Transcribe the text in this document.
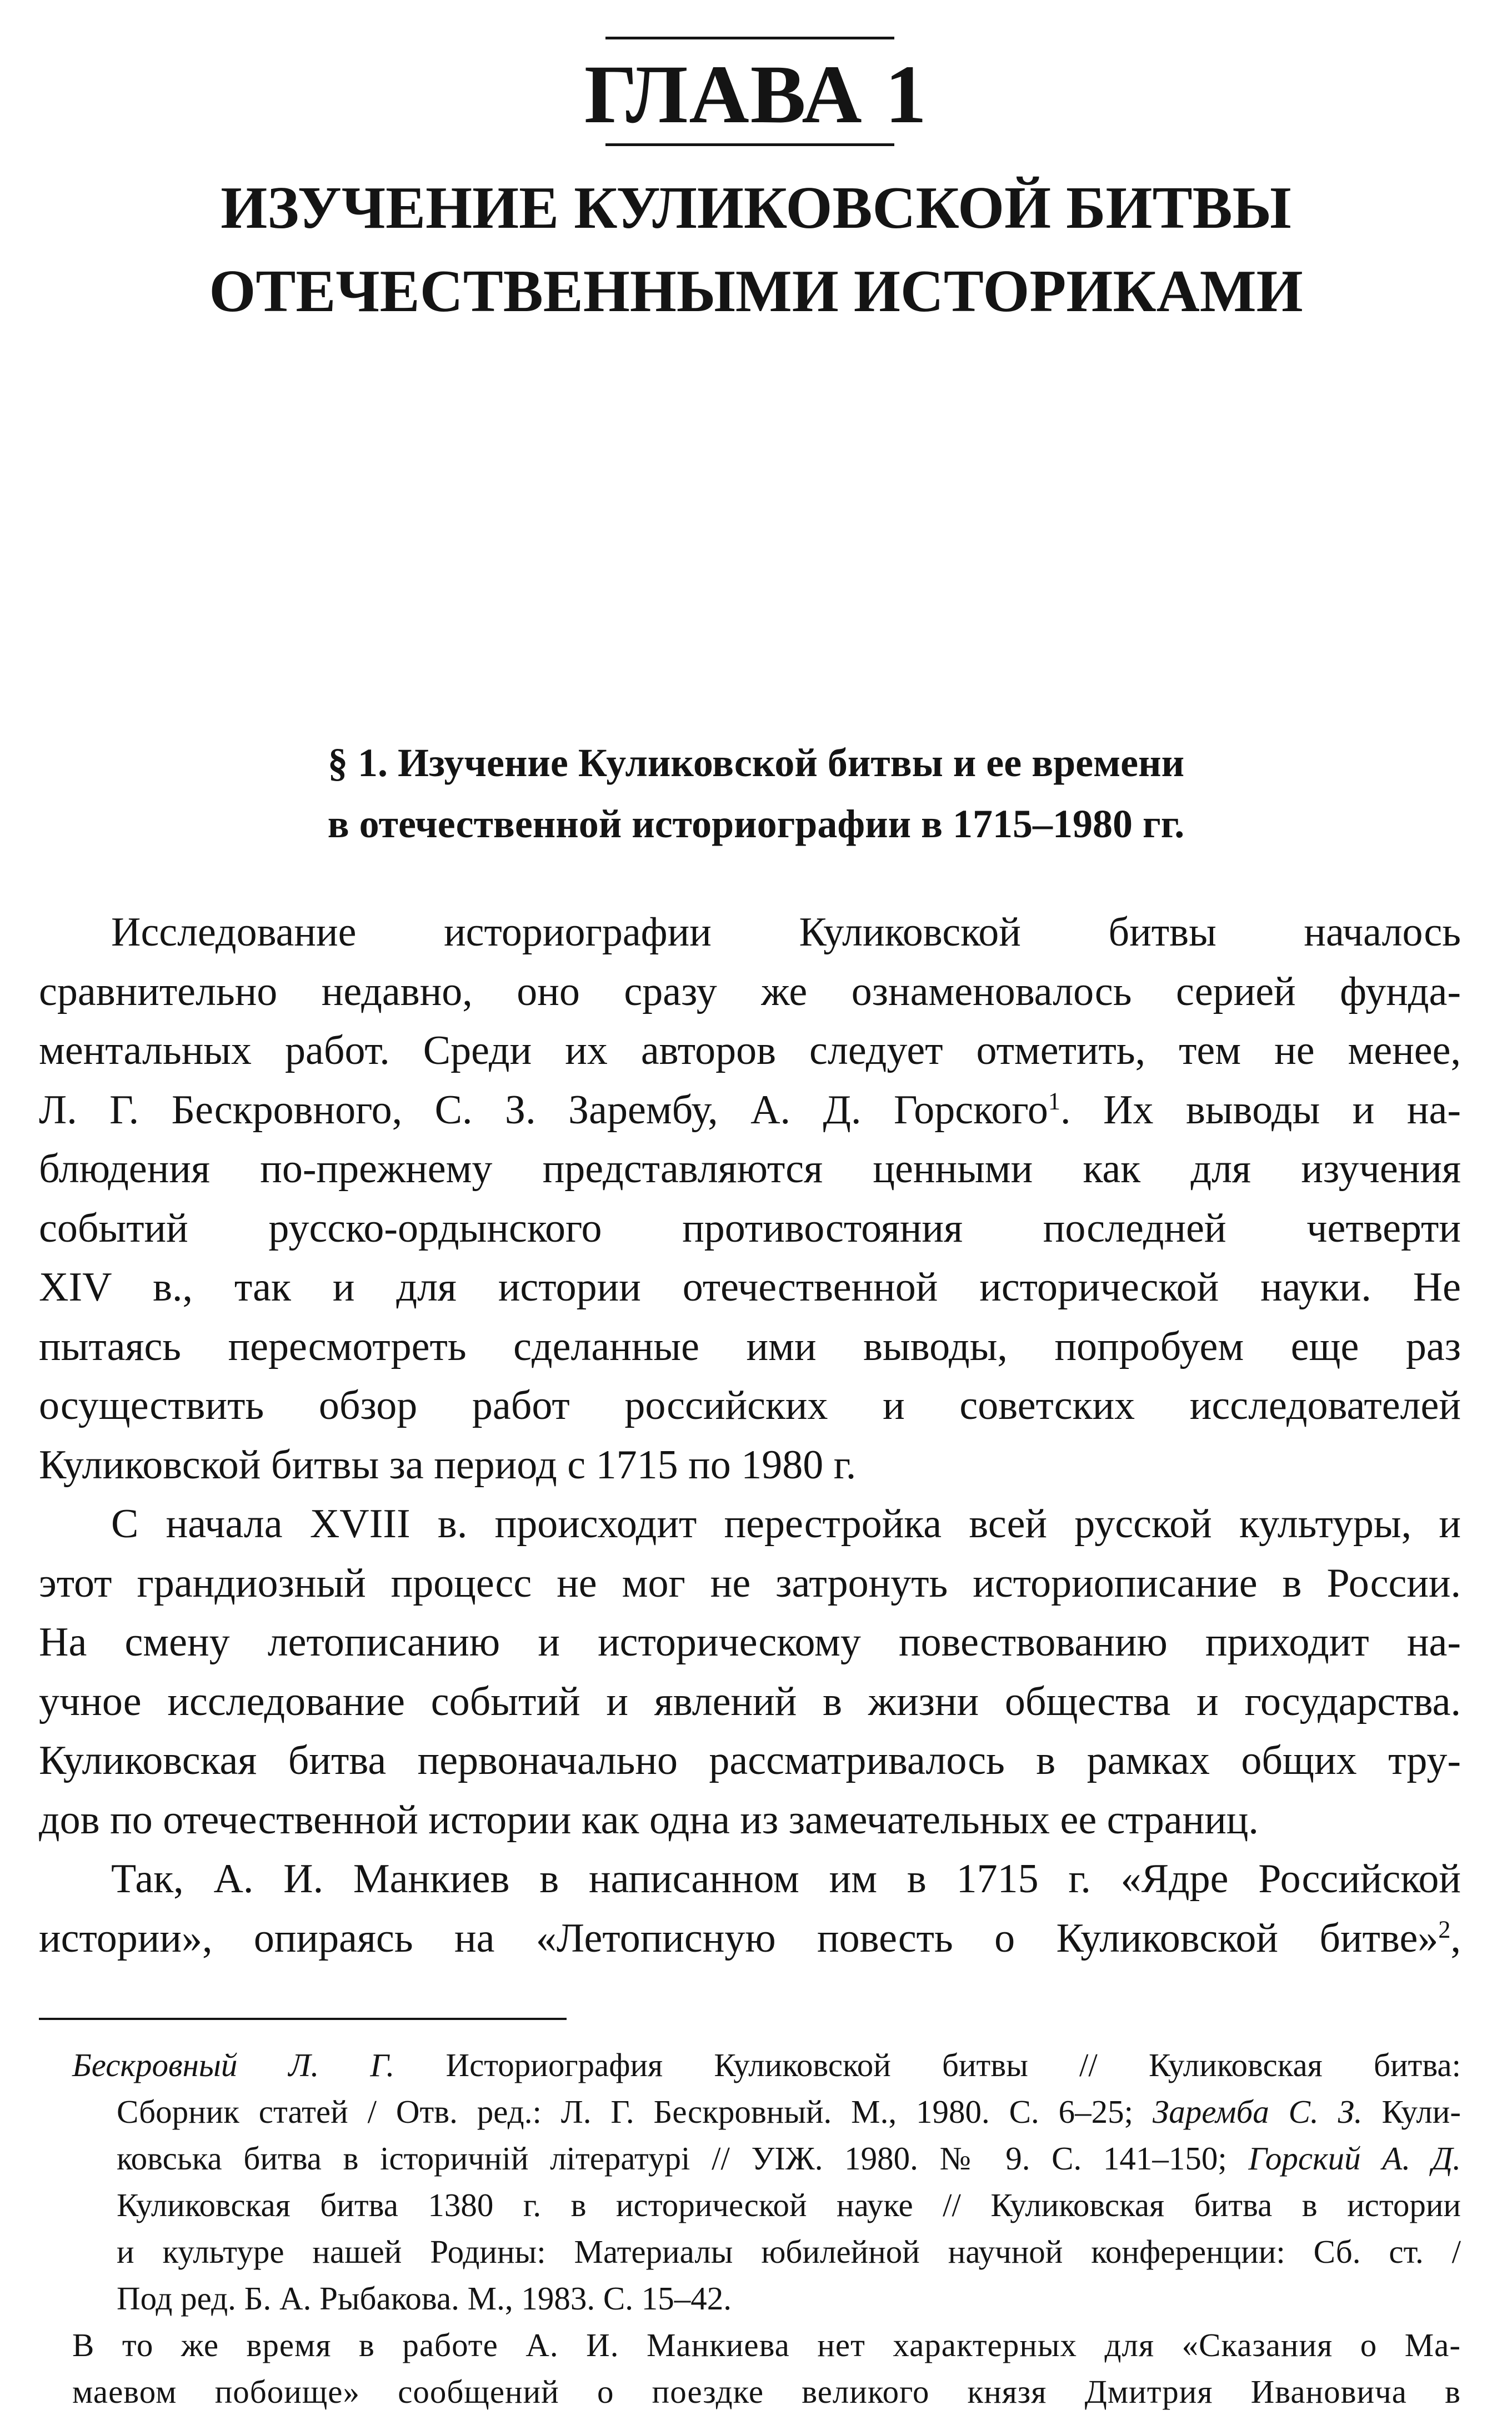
ГЛАВА 1
ИЗУЧЕНИЕ КУЛИКОВСКОЙ БИТВЫ
ОТЕЧЕСТВЕННЫМИ ИСТОРИКАМИ
§ 1. Изучение Куликовской битвы и ее времени
в отечественной историографии в 1715–1980 гг.

Исследование историографии Куликовской битвы началось
сравнительно недавно, оно сразу же ознаменовалось серией фунда-
ментальных работ. Среди их авторов следует отметить, тем не менее,
Л. Г. Бескровного, С. З. Зарембу, А. Д. Горского$^1$. Их выводы и на-
блюдения по-прежнему представляются ценными как для изучения
событий русско-ордынского противостояния последней четверти
XIV в., так и для истории отечественной исторической науки. Не
пытаясь пересмотреть сделанные ими выводы, попробуем еще раз
осуществить обзор работ российских и советских исследователей
Куликовской битвы за период с 1715 по 1980 г.

С начала XVIII в. происходит перестройка всей русской культуры, и
этот грандиозный процесс не мог не затронуть историописание в России.
На смену летописанию и историческому повествованию приходит на-
учное исследование событий и явлений в жизни общества и государства.
Куликовская битва первоначально рассматривалось в рамках общих тру-
дов по отечественной истории как одна из замечательных ее страниц.

Так, А. И. Манкиев в написанном им в 1715 г. «Ядре Российской
истории», опираясь на «Летописную повесть о Куликовской битве»$^2$,

Бескровный Л. Г. Историография Куликовской битвы // Куликовская битва:
Сборник статей / Отв. ред.: Л. Г. Бескровный. М., 1980. С. 6–25; Заремба С. З. Кули-
ковська битва в історичній літературі // УІЖ. 1980. № 9. С. 141–150; Горский А. Д.
Куликовская битва 1380 г. в исторической науке // Куликовская битва в истории
и культуре нашей Родины: Материалы юбилейной научной конференции: Сб. ст. /
Под ред. Б. А. Рыбакова. М., 1983. С. 15–42.

В то же время в работе А. И. Манкиева нет характерных для «Сказания о Ма-
маевом побоище» сообщений о поездке великого князя Дмитрия Ивановича в
